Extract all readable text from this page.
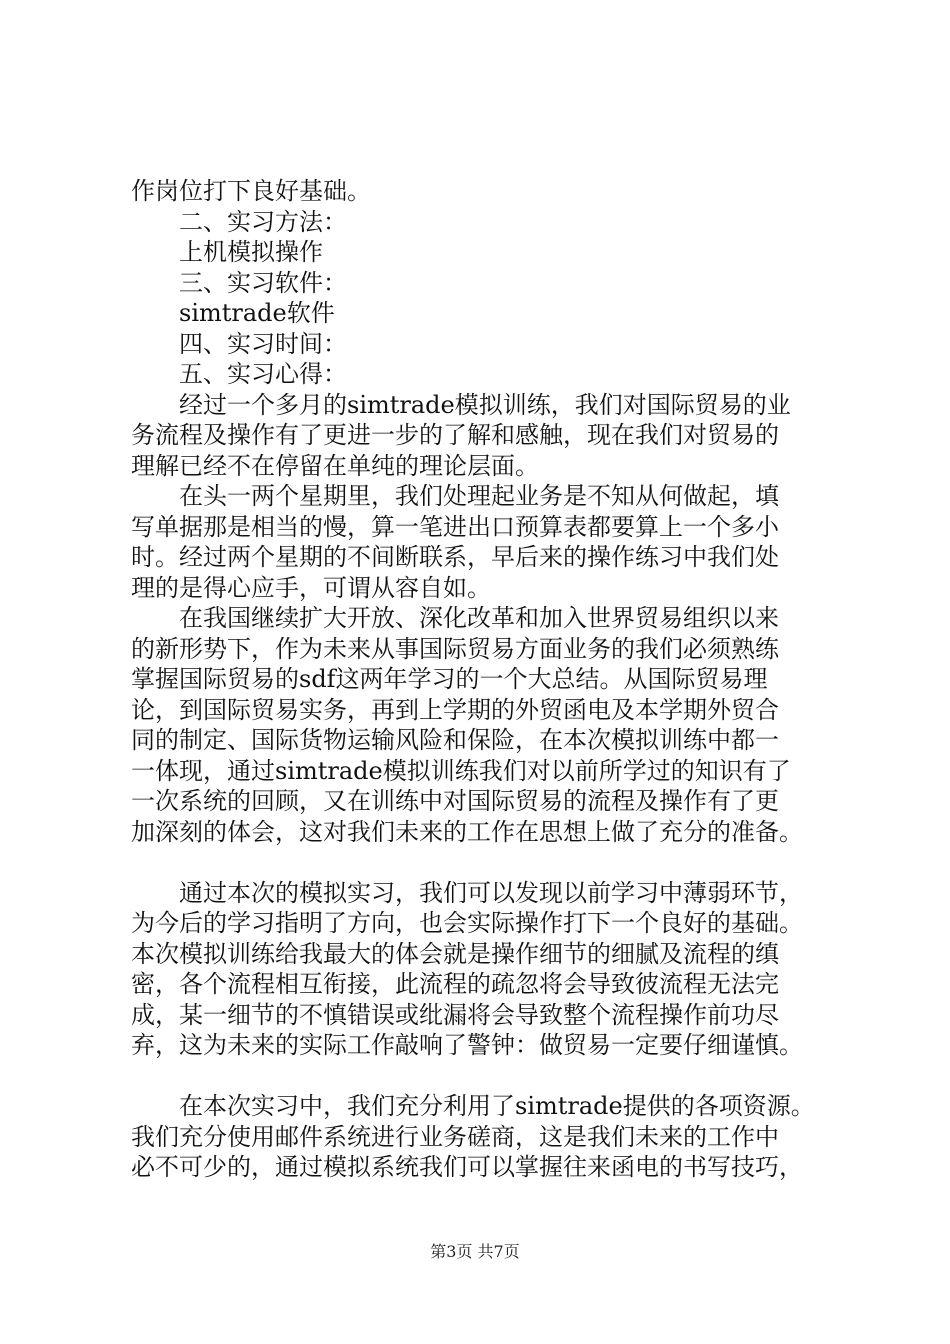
作岗位打下良好基础。

二、实习方法：

上机模拟操作

三、实习软件：

simtrade软件

四、实习时间：

五、实习心得：

经过一个多月的simtrade模拟训练，我们对国际贸易的业

务流程及操作有了更进一步的了解和感触，现在我们对贸易的

理解已经不在停留在单纯的理论层面。

在头一两个星期里，我们处理起业务是不知从何做起，填

写单据那是相当的慢，算一笔进出口预算表都要算上一个多小

时。经过两个星期的不间断联系，早后来的操作练习中我们处

理的是得心应手，可谓从容自如。

在我国继续扩大开放、深化改革和加入世界贸易组织以来

的新形势下，作为未来从事国际贸易方面业务的我们必须熟练

掌握国际贸易的sdf这两年学习的一个大总结。从国际贸易理

论，到国际贸易实务，再到上学期的外贸函电及本学期外贸合

同的制定、国际货物运输风险和保险，在本次模拟训练中都一

一体现，通过simtrade模拟训练我们对以前所学过的知识有了

一次系统的回顾，又在训练中对国际贸易的流程及操作有了更

加深刻的体会，这对我们未来的工作在思想上做了充分的准备。

通过本次的模拟实习，我们可以发现以前学习中薄弱环节，

为今后的学习指明了方向，也会实际操作打下一个良好的基础。

本次模拟训练给我最大的体会就是操作细节的细腻及流程的缜

密，各个流程相互衔接，此流程的疏忽将会导致彼流程无法完

成，某一细节的不慎错误或纰漏将会导致整个流程操作前功尽

弃，这为未来的实际工作敲响了警钟：做贸易一定要仔细谨慎。

在本次实习中，我们充分利用了simtrade提供的各项资源。

我们充分使用邮件系统进行业务磋商，这是我们未来的工作中

必不可少的，通过模拟系统我们可以掌握往来函电的书写技巧，

第3页 共7页
